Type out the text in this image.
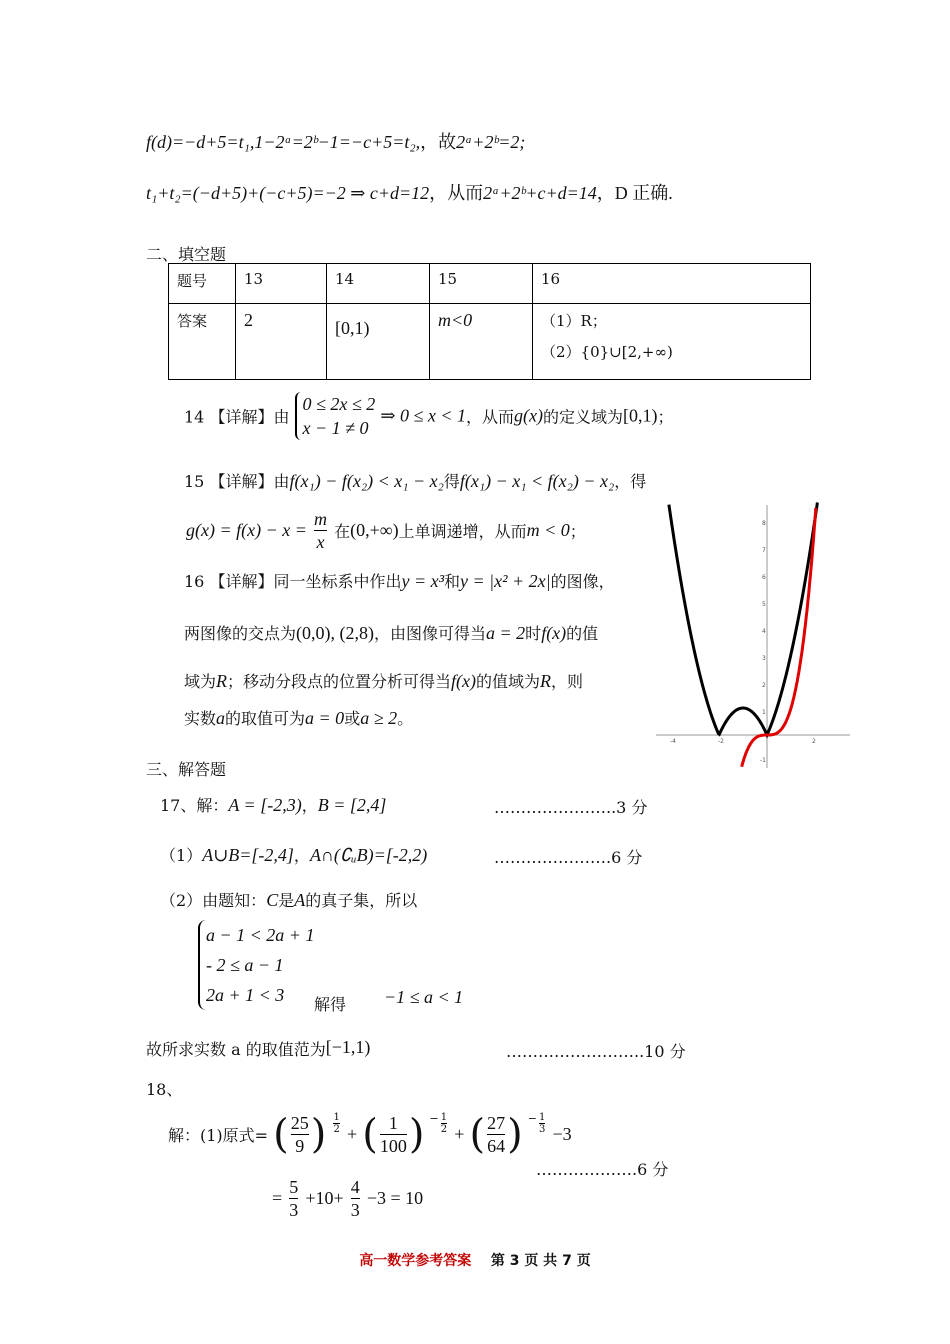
f(d)=−d+5=t₁,1−2ᵃ=2ᵇ−1=−c+5=t₂,，故2ᵃ+2ᵇ=2;
t₁+t₂=(−d+5)+(−c+5)=−2 ⇒ c+d=12，从而2ᵃ+2ᵇ+c+d=14，D 正确.
二、填空题
题号	13	14	15	16
答案	2	[0,1)	m<0	（1）R；
（2）{0}∪[2,+∞)
14 【详解】由
0 ≤ 2x ≤ 2
x − 1 ≠ 0
⇒ 0 ≤ x < 1，从而g(x)的定义域为[0,1)；
15 【详解】由f(x₁) − f(x₂) < x₁ − x₂得f(x₁) − x₁ < f(x₂) − x₂，得
$g(x) = f(x) - x = \frac{m}{x}$ 在(0,+∞)上单调递增，从而m < 0；
16 【详解】同一坐标系中作出y = x³和y = |x² + 2x|的图像，
两图像的交点为(0,0), (2,8)，由图像可得当a = 2时f(x)的值
域为R；移动分段点的位置分析可得当f(x)的值域为R，则
实数a的取值可为a = 0或a ≥ 2。
-4	-2	2
8
7
6
5
4
3
2
1
-1
三、解答题
17、解：A = [-2,3)，B = [2,4]	…………………..3 分
（1）A∪B=[-2,4]，A∩(∁ᵤB)=[-2,2)	………………….6 分
（2）由题知：C是A的真子集，所以
a − 1 < 2a + 1
- 2 ≤ a − 1
2a + 1 < 3	解得 −1 ≤ a < 1
故所求实数 a 的取值范为[−1,1)	……………………..10 分
18、
解：(1)原式= ( $\frac{25}{9}$ ) $\frac{1}{2}$ + ( $\frac{1}{100}$ ) $^- \frac{1}{2}$ + ( $\frac{27}{64}$ ) $^- \frac{1}{3} -3$
……………….6 分
= $\frac{5}{3} +10+ \frac{4}{3} -3 = 10$
高一数学参考答案 第 3 页 共 7 页
